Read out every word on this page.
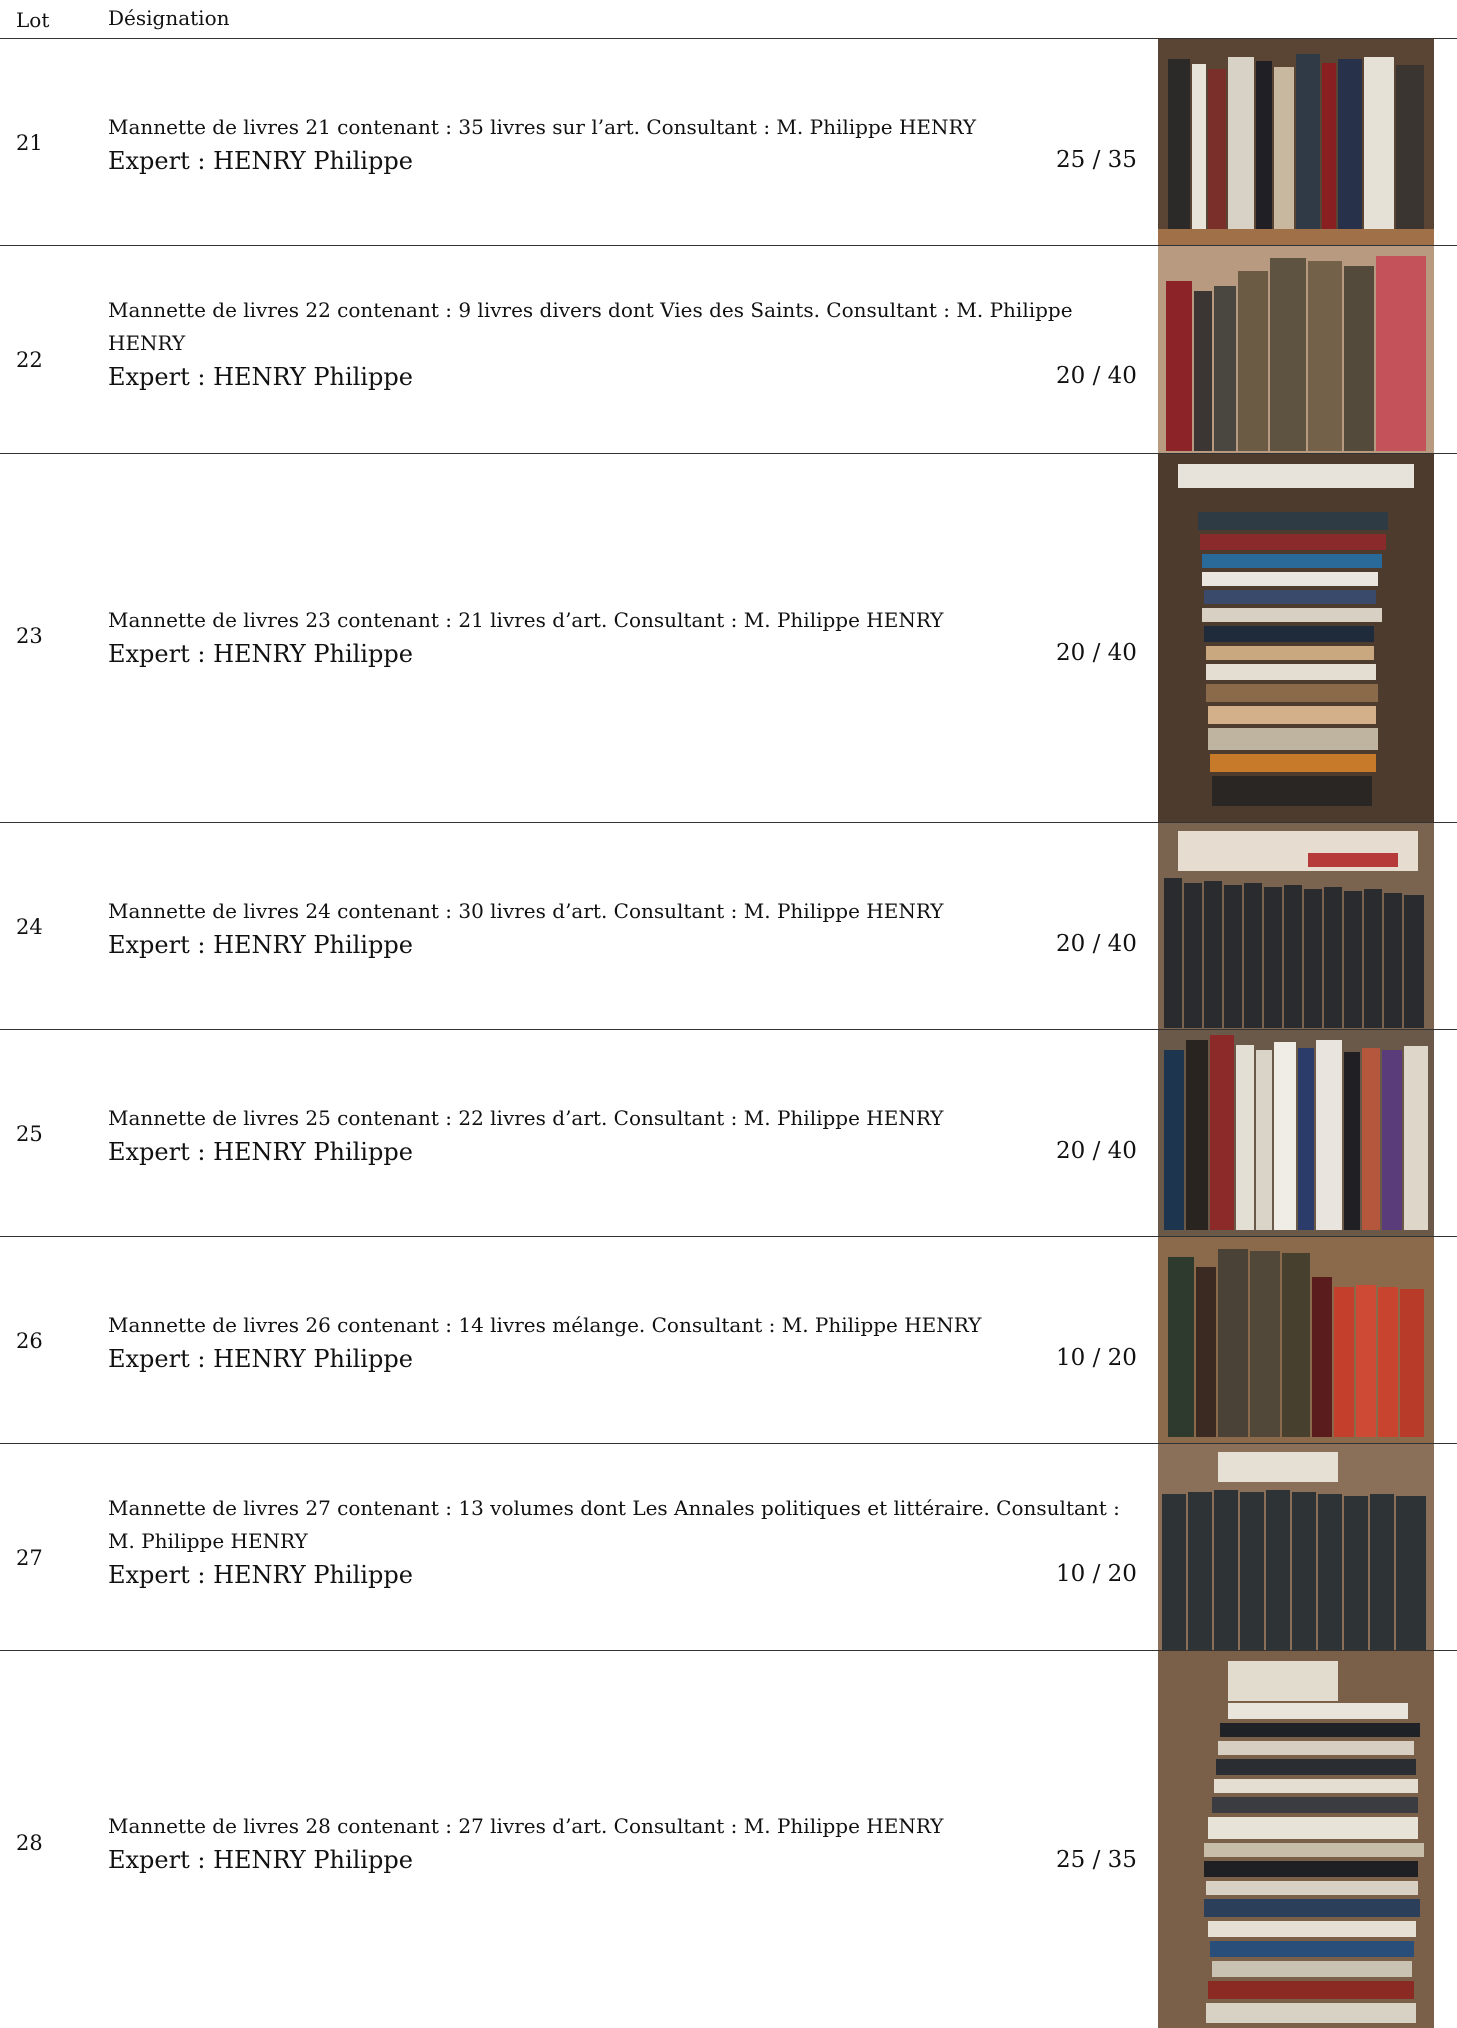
Lot	Désignation
21
Mannette de livres 21 contenant : 35 livres sur l’art. Consultant : M. Philippe HENRY
Expert : HENRY Philippe	25 / 35
22
Mannette de livres 22 contenant : 9 livres divers dont Vies des Saints. Consultant : M. Philippe HENRY
Expert : HENRY Philippe	20 / 40
23
Mannette de livres 23 contenant : 21 livres d’art. Consultant : M. Philippe HENRY
Expert : HENRY Philippe	20 / 40
24
Mannette de livres 24 contenant : 30 livres d’art. Consultant : M. Philippe HENRY
Expert : HENRY Philippe	20 / 40
25
Mannette de livres 25 contenant : 22 livres d’art. Consultant : M. Philippe HENRY
Expert : HENRY Philippe	20 / 40
26
Mannette de livres 26 contenant : 14 livres mélange. Consultant : M. Philippe HENRY
Expert : HENRY Philippe	10 / 20
27
Mannette de livres 27 contenant : 13 volumes dont Les Annales politiques et littéraire. Consultant : M. Philippe HENRY
Expert : HENRY Philippe	10 / 20
28
Mannette de livres 28 contenant : 27 livres d’art. Consultant : M. Philippe HENRY
Expert : HENRY Philippe	25 / 35
